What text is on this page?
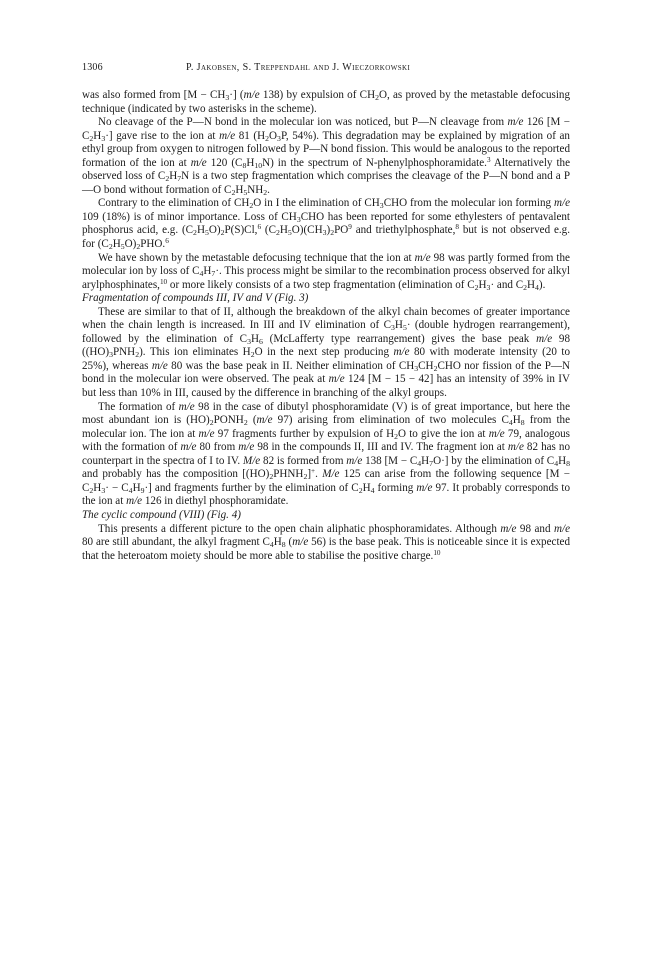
1306	P. Jakobsen, S. Treppendahl and J. Wieczorkowski

was also formed from $[M - CH_3\cdot]$ (m/e 138) by expulsion of $CH_2O$, as proved by the metastable defocusing technique (indicated by two asterisks in the scheme).

No cleavage of the P—N bond in the molecular ion was noticed, but P—N cleavage from m/e 126 $[M - C_2H_3\cdot]$ gave rise to the ion at m/e 81 ($H_2O_3P$, 54%). This degradation may be explained by migration of an ethyl group from oxygen to nitrogen followed by P—N bond fission. This would be analogous to the reported formation of the ion at m/e 120 $(C_8H_{10}N)$ in the spectrum of N-phenylphosphoramidate.$^3$ Alternatively the observed loss of $C_2H_7N$ is a two step fragmentation which comprises the cleavage of the P—N bond and a P—O bond without formation of $C_2H_5NH_2$.

Contrary to the elimination of $CH_2O$ in I the elimination of $CH_3CHO$ from the molecular ion forming m/e 109 (18%) is of minor importance. Loss of $CH_3CHO$ has been reported for some ethylesters of pentavalent phosphorus acid, e.g. $(C_2H_5O)_2P(S)Cl,^6$ $(C_2H_5O)(CH_3)_2PO^9$ and triethylphosphate,$^8$ but is not observed e.g. for $(C_2H_5O)_2PHO.^6$

We have shown by the metastable defocusing technique that the ion at m/e 98 was partly formed from the molecular ion by loss of $C_4H_7\cdot$. This process might be similar to the recombination process observed for alkyl arylphosphinates,$^{10}$ or more likely consists of a two step fragmentation (elimination of $C_2H_3\cdot$ and $C_2H_4$).

Fragmentation of compounds III, IV and V (Fig. 3)

These are similar to that of II, although the breakdown of the alkyl chain becomes of greater importance when the chain length is increased. In III and IV elimination of $C_3H_5\cdot$ (double hydrogen rearrangement), followed by the elimination of $C_3H_6$ (McLafferty type rearrangement) gives the base peak m/e 98 $((HO)_3PNH_2)$. This ion eliminates $H_2O$ in the next step producing m/e 80 with moderate intensity (20 to 25%), whereas m/e 80 was the base peak in II. Neither elimination of $CH_3CH_2CHO$ nor fission of the P—N bond in the molecular ion were observed. The peak at m/e 124 [M − 15 − 42] has an intensity of 39% in IV but less than 10% in III, caused by the difference in branching of the alkyl groups.

The formation of m/e 98 in the case of dibutyl phosphoramidate (V) is of great importance, but here the most abundant ion is $(HO)_2PONH_2$ (m/e 97) arising from elimination of two molecules $C_4H_8$ from the molecular ion. The ion at m/e 97 fragments further by expulsion of $H_2O$ to give the ion at m/e 79, analogous with the formation of m/e 80 from m/e 98 in the compounds II, III and IV. The fragment ion at m/e 82 has no counterpart in the spectra of I to IV. M/e 82 is formed from m/e 138 $[M - C_4H_7O\cdot]$ by the elimination of $C_4H_8$ and probably has the composition $[(HO)_2PHNH_2]^+$. M/e 125 can arise from the following sequence $[M - C_2H_3\cdot - C_4H_9\cdot]$ and fragments further by the elimination of $C_2H_4$ forming m/e 97. It probably corresponds to the ion at m/e 126 in diethyl phosphoramidate.

The cyclic compound (VIII) (Fig. 4)

This presents a different picture to the open chain aliphatic phosphoramidates. Although m/e 98 and m/e 80 are still abundant, the alkyl fragment $C_4H_8$ (m/e 56) is the base peak. This is noticeable since it is expected that the heteroatom moiety should be more able to stabilise the positive charge.$^{10}$
